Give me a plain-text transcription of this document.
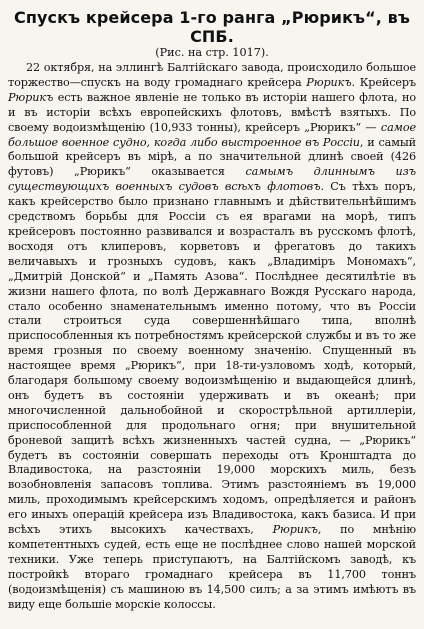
Спускъ крейсера 1-го ранга „Рюрикъ“, въ СПБ.
(Рис. на стр. 1017).

22 октября, на эллингѣ Балтійскаго завода, происходило большое торжество—спускъ на воду громаднаго крейсера Рюрикъ. Крейсеръ Рюрикъ есть важное явленіе не только въ исторіи нашего флота, но и въ исторіи всѣхъ европейскихъ флотовъ, вмѣстѣ взятыхъ. По своему водоизмѣщенію (10,933 тонны), крейсеръ „Рюрикъ“ — самое большое военное судно, когда либо выстроенное въ Россіи, и самый большой крейсеръ въ мірѣ, а по значительной длинѣ своей (426 футовъ) „Рюрикъ“ оказывается самымъ длиннымъ изъ существующихъ военныхъ судовъ всѣхъ флотовъ. Съ тѣхъ поръ, какъ крейсерство было признано главнымъ и дѣйствительнѣйшимъ средствомъ борьбы для Россіи съ ея врагами на морѣ, типъ крейсеровъ постоянно развивался и возрасталъ въ русскомъ флотѣ, восходя отъ клиперовъ, корветовъ и фрегатовъ до такихъ величавыхъ и грозныхъ судовъ, какъ „Владиміръ Мономахъ“, „Дмитрій Донской“ и „Память Азова“. Послѣднее десятилѣтіе въ жизни нашего флота, по волѣ Державнаго Вождя Русскаго народа, стало особенно знаменательнымъ именно потому, что въ Россіи стали строиться суда совершеннѣйшаго типа, вполнѣ приспособленныя къ потребностямъ крейсерской службы и въ то же время грозныя по своему военному значенію. Спущенный въ настоящее время „Рюрикъ“, при 18-ти-узловомъ ходѣ, который, благодаря большому своему водоизмѣщенію и выдающейся длинѣ, онъ будетъ въ состояніи удерживать и въ океанѣ; при многочисленной дальнобойной и скорострѣльной артиллеріи, приспособленной для продольнаго огня; при внушительной броневой защитѣ всѣхъ жизненныхъ частей судна, — „Рюрикъ“ будетъ въ состояніи совершать переходы отъ Кронштадта до Владивостока, на разстояніи 19,000 морскихъ миль, безъ возобновленія запасовъ топлива. Этимъ разстояніемъ въ 19,000 миль, проходимымъ крейсерскимъ ходомъ, опредѣляется и районъ его иныхъ операцій крейсера изъ Владивостока, какъ базиса. И при всѣхъ этихъ высокихъ качествахъ, Рюрикъ, по мнѣнію компетентныхъ судей, есть еще не послѣднее слово нашей морской техники. Уже теперь приступаютъ, на Балтійскомъ заводѣ, къ постройкѣ втораго громаднаго крейсера въ 11,700 тоннъ (водоизмѣщенія) съ машиною въ 14,500 силъ; а за этимъ имѣютъ въ виду еще большіе морскіе колоссы.
